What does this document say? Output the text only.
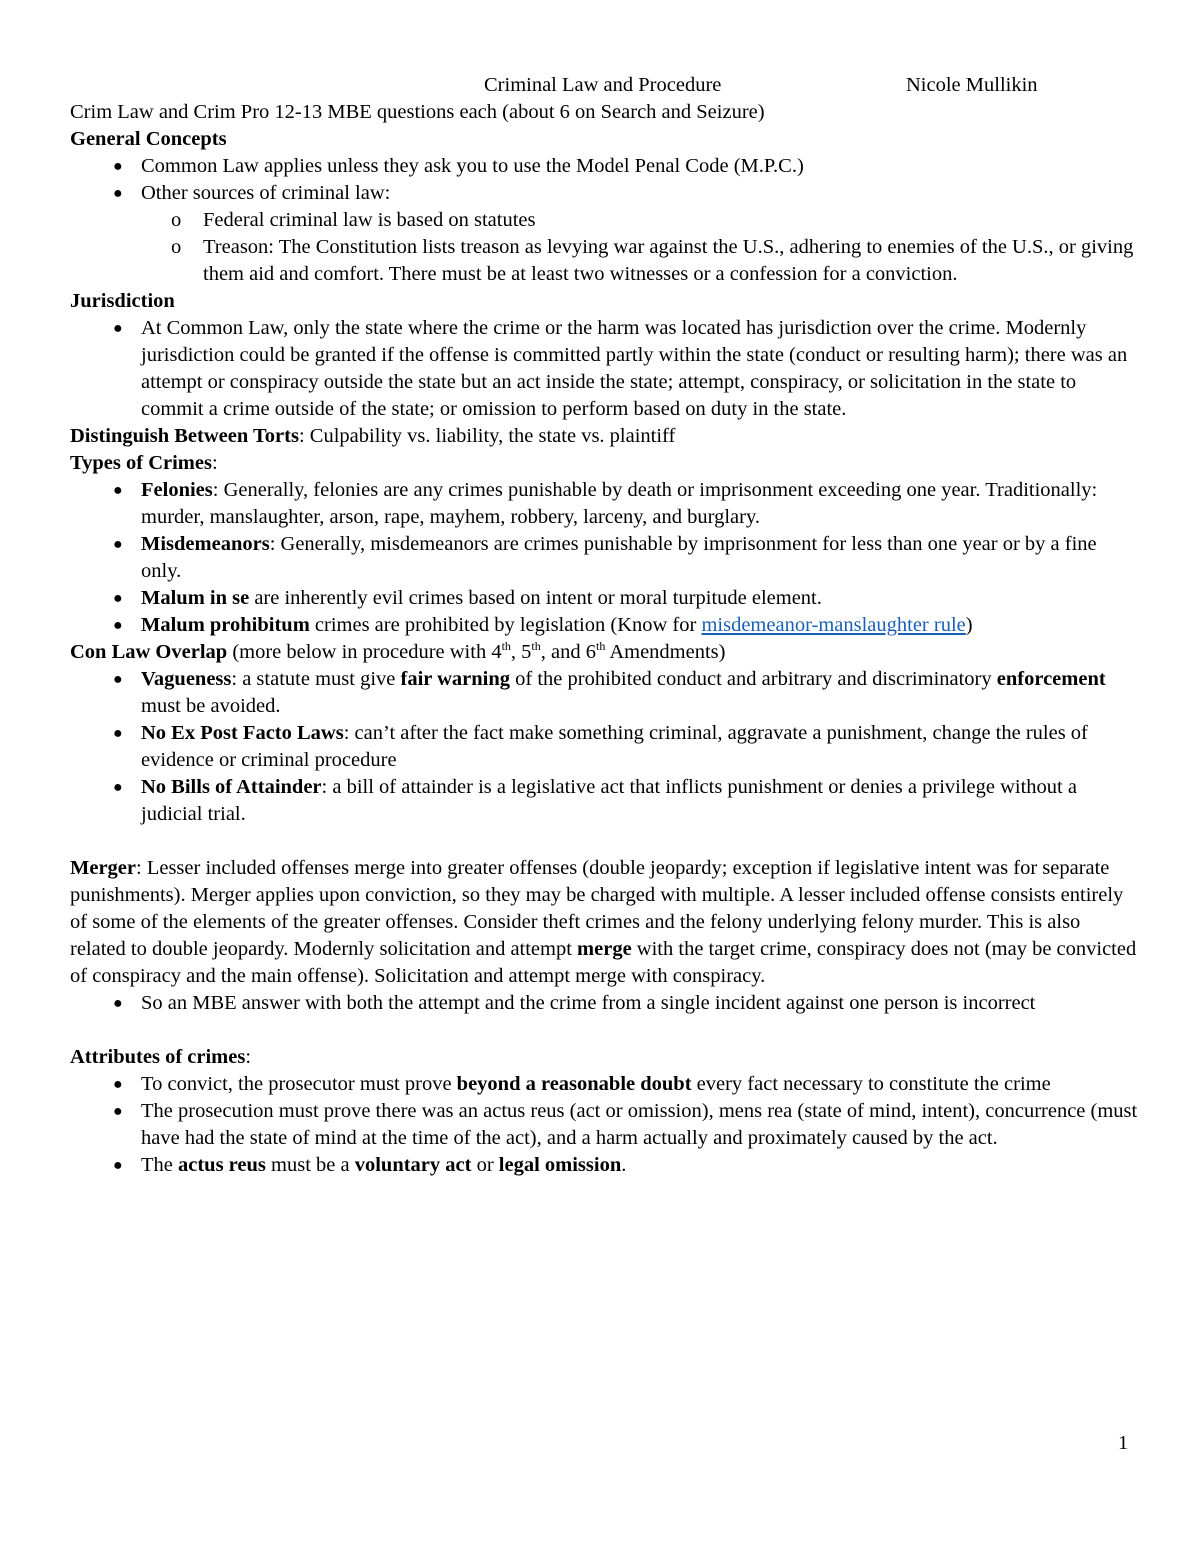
Criminal Law and Procedure	Nicole Mullikin

Crim Law and Crim Pro 12-13 MBE questions each (about 6 on Search and Seizure)

General Concepts

● Common Law applies unless they ask you to use the Model Penal Code (M.P.C.)
● Other sources of criminal law:
o Federal criminal law is based on statutes
o Treason: The Constitution lists treason as levying war against the U.S., adhering to enemies of the U.S., or giving them aid and comfort. There must be at least two witnesses or a confession for a conviction.

Jurisdiction

● At Common Law, only the state where the crime or the harm was located has jurisdiction over the crime. Modernly jurisdiction could be granted if the offense is committed partly within the state (conduct or resulting harm); there was an attempt or conspiracy outside the state but an act inside the state; attempt, conspiracy, or solicitation in the state to commit a crime outside of the state; or omission to perform based on duty in the state.

Distinguish Between Torts: Culpability vs. liability, the state vs. plaintiff

Types of Crimes:

● Felonies: Generally, felonies are any crimes punishable by death or imprisonment exceeding one year. Traditionally: murder, manslaughter, arson, rape, mayhem, robbery, larceny, and burglary.
● Misdemeanors: Generally, misdemeanors are crimes punishable by imprisonment for less than one year or by a fine only.
● Malum in se are inherently evil crimes based on intent or moral turpitude element.
● Malum prohibitum crimes are prohibited by legislation (Know for misdemeanor-manslaughter rule)

Con Law Overlap (more below in procedure with 4th, 5th, and 6th Amendments)

● Vagueness: a statute must give fair warning of the prohibited conduct and arbitrary and discriminatory enforcement must be avoided.
● No Ex Post Facto Laws: can’t after the fact make something criminal, aggravate a punishment, change the rules of evidence or criminal procedure
● No Bills of Attainder: a bill of attainder is a legislative act that inflicts punishment or denies a privilege without a judicial trial.

Merger: Lesser included offenses merge into greater offenses (double jeopardy; exception if legislative intent was for separate punishments). Merger applies upon conviction, so they may be charged with multiple. A lesser included offense consists entirely of some of the elements of the greater offenses. Consider theft crimes and the felony underlying felony murder. This is also related to double jeopardy. Modernly solicitation and attempt merge with the target crime, conspiracy does not (may be convicted of conspiracy and the main offense). Solicitation and attempt merge with conspiracy.

● So an MBE answer with both the attempt and the crime from a single incident against one person is incorrect

Attributes of crimes:

● To convict, the prosecutor must prove beyond a reasonable doubt every fact necessary to constitute the crime
● The prosecution must prove there was an actus reus (act or omission), mens rea (state of mind, intent), concurrence (must have had the state of mind at the time of the act), and a harm actually and proximately caused by the act.
● The actus reus must be a voluntary act or legal omission.
1
